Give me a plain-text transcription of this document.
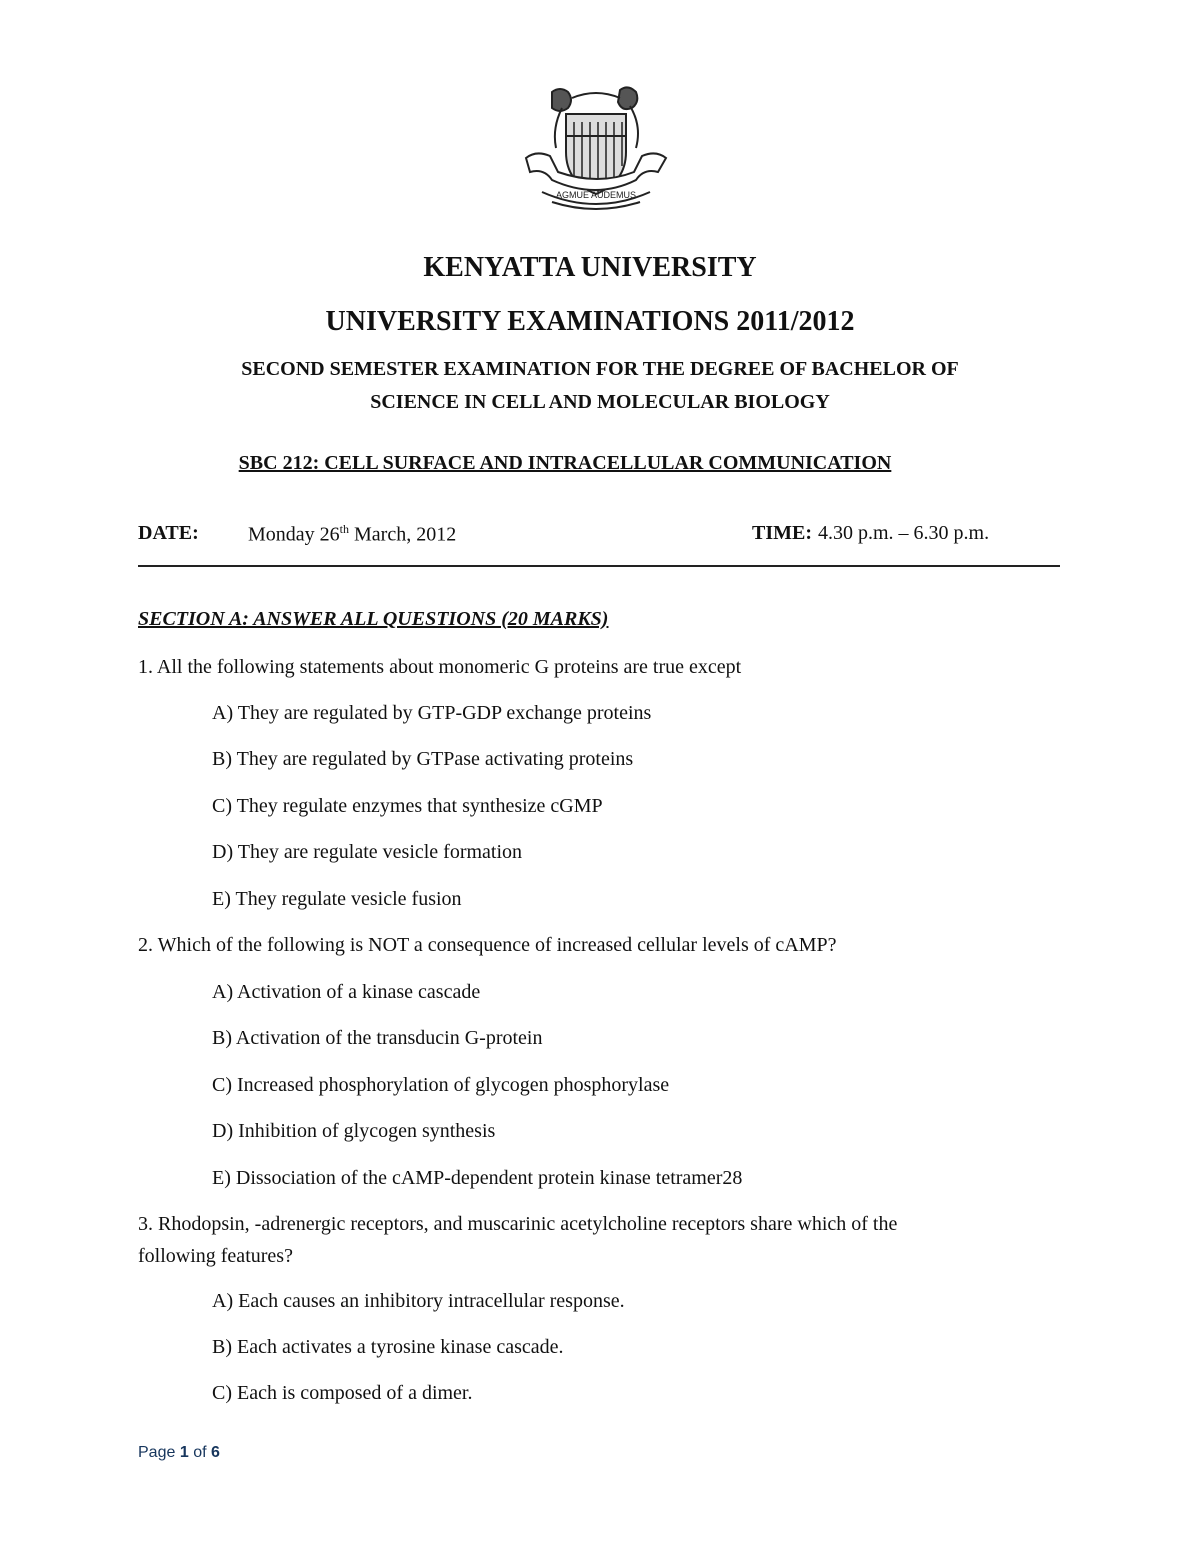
AGMUE AUDEMUS
KENYATTA UNIVERSITY
UNIVERSITY EXAMINATIONS 2011/2012
SECOND SEMESTER EXAMINATION FOR THE DEGREE OF BACHELOR OF
SCIENCE IN CELL AND MOLECULAR BIOLOGY
SBC 212: CELL SURFACE AND INTRACELLULAR COMMUNICATION
DATE: Monday 26th March, 2012	TIME: 4.30 p.m. – 6.30 p.m.
SECTION A: ANSWER ALL QUESTIONS (20 MARKS)
1. All the following statements about monomeric G proteins are true except
A) They are regulated by GTP-GDP exchange proteins
B) They are regulated by GTPase activating proteins
C) They regulate enzymes that synthesize cGMP
D) They are regulate vesicle formation
E) They regulate vesicle fusion
2. Which of the following is NOT a consequence of increased cellular levels of cAMP?
A) Activation of a kinase cascade
B) Activation of the transducin G-protein
C) Increased phosphorylation of glycogen phosphorylase
D) Inhibition of glycogen synthesis
E) Dissociation of the cAMP-dependent protein kinase tetramer28
3. Rhodopsin, -adrenergic receptors, and muscarinic acetylcholine receptors share which of the
following features?
A) Each causes an inhibitory intracellular response.
B) Each activates a tyrosine kinase cascade.
C) Each is composed of a dimer.
Page 1 of 6
